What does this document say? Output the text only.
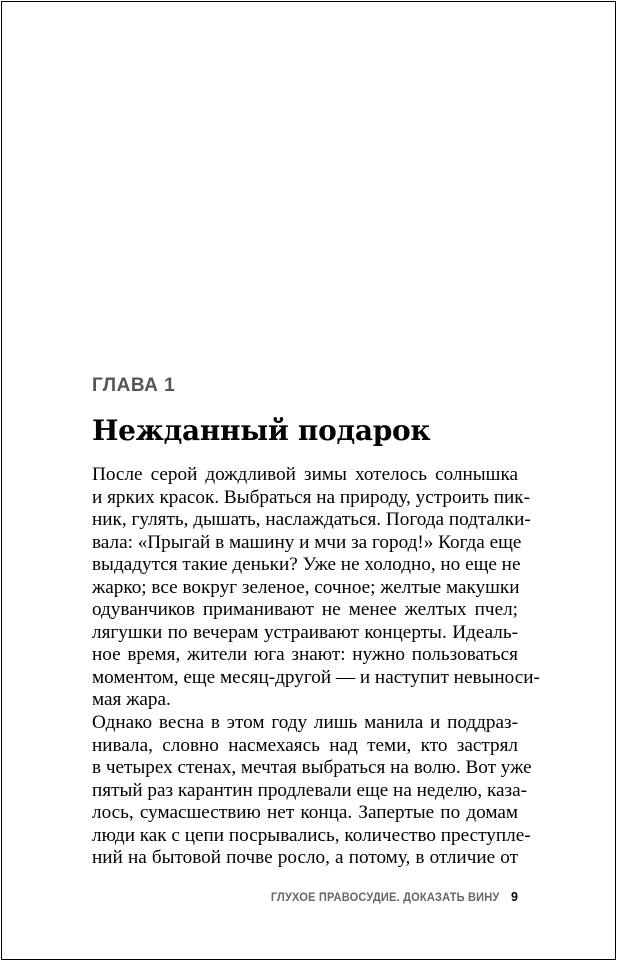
ГЛАВА 1
Нежданный подарок
После серой дождливой зимы хотелось солнышка
и ярких красок. Выбраться на природу, устроить пик-
ник, гулять, дышать, наслаждаться. Погода подталки-
вала: «Прыгай в машину и мчи за город!» Когда еще
выдадутся такие деньки? Уже не холодно, но еще не
жарко; все вокруг зеленое, сочное; желтые макушки
одуванчиков приманивают не менее желтых пчел;
лягушки по вечерам устраивают концерты. Идеаль-
ное время, жители юга знают: нужно пользоваться
моментом, еще месяц-другой — и наступит невыноси-
мая жара.
Однако весна в этом году лишь манила и поддраз-
нивала, словно насмехаясь над теми, кто застрял
в четырех стенах, мечтая выбраться на волю. Вот уже
пятый раз карантин продлевали еще на неделю, каза-
лось, сумасшествию нет конца. Запертые по домам
люди как с цепи посрывались, количество преступле-
ний на бытовой почве росло, а потому, в отличие от
ГЛУХОЕ ПРАВОСУДИЕ. ДОКАЗАТЬ ВИНУ 9
